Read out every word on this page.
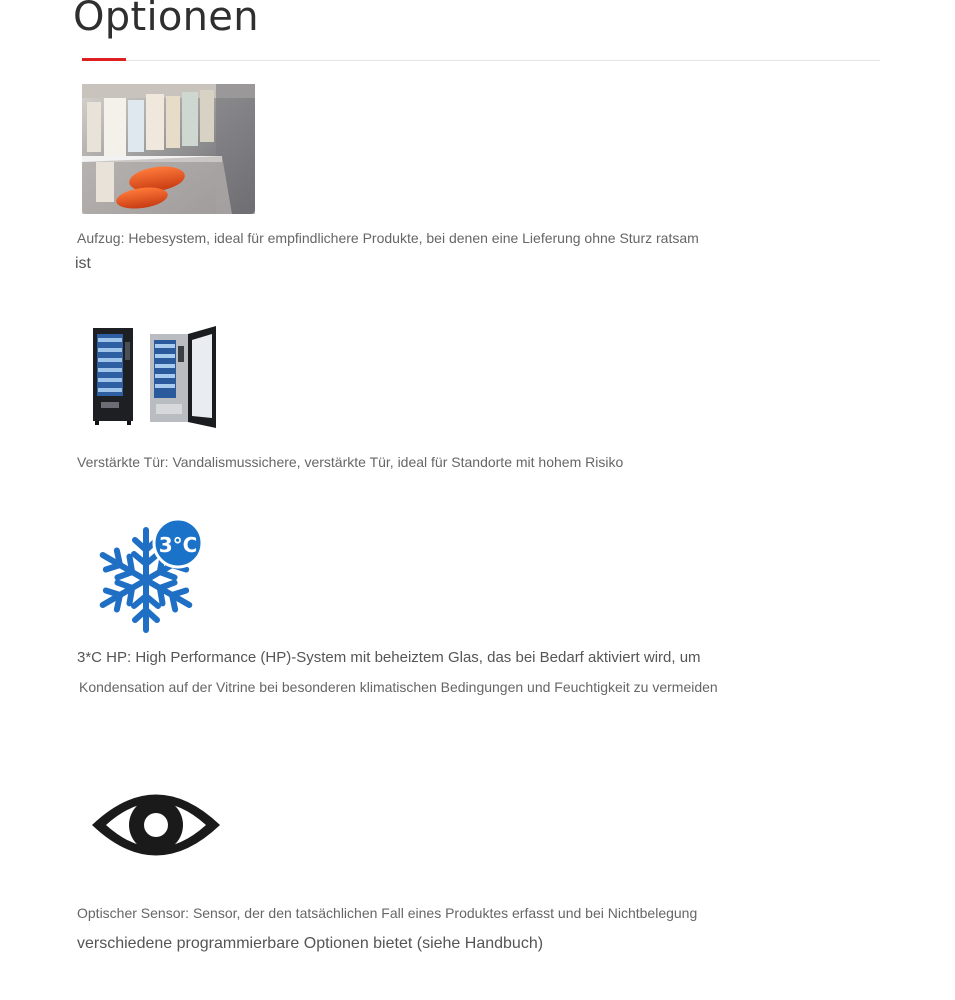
Optionen

Aufzug: Hebesystem, ideal für empfindlichere Produkte, bei denen eine Lieferung ohne Sturz ratsam
ist

Verstärkte Tür: Vandalismussichere, verstärkte Tür, ideal für Standorte mit hohem Risiko

3°C

3*C HP: High Performance (HP)-System mit beheiztem Glas, das bei Bedarf aktiviert wird, um
Kondensation auf der Vitrine bei besonderen klimatischen Bedingungen und Feuchtigkeit zu vermeiden

Optischer Sensor: Sensor, der den tatsächlichen Fall eines Produktes erfasst und bei Nichtbelegung
verschiedene programmierbare Optionen bietet (siehe Handbuch)
